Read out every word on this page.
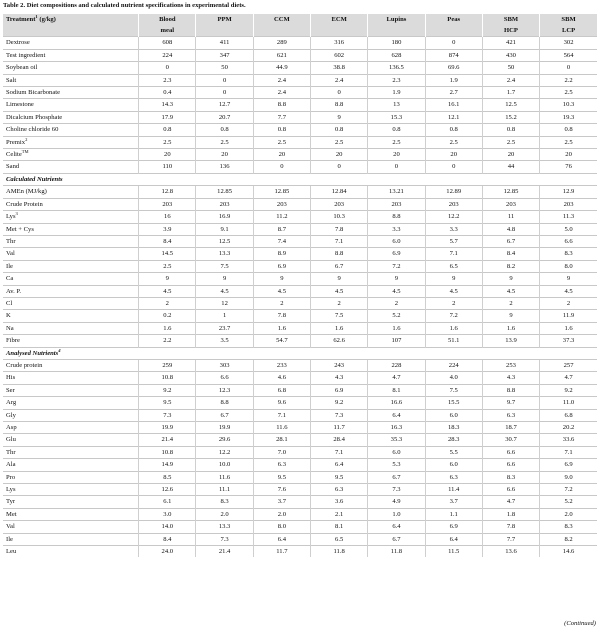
Table 2. Diet compositions and calculated nutrient specifications in experimental diets.
Treatment$^1$ (g/kg)	Blood	PPM	CCM	ECM	Lupins	Peas	SBM	SBM
	meal						HCP	LCP
Dextrose	608	411	289	316	180	0	421	302
Test ingredient	224	347	621	602	628	874	430	564
Soybean oil	0	50	44.9	38.8	136.5	69.6	50	0
Salt	2.3	0	2.4	2.4	2.3	1.9	2.4	2.2
Sodium Bicarbonate	0.4	0	2.4	0	1.9	2.7	1.7	2.5
Limestone	14.3	12.7	8.8	8.8	13	16.1	12.5	10.3
Dicalcium Phosphate	17.9	20.7	7.7	9	15.3	12.1	15.2	19.3
Choline chloride 60	0.8	0.8	0.8	0.8	0.8	0.8	0.8	0.8
Premix$^2$	2.5	2.5	2.5	2.5	2.5	2.5	2.5	2.5
Celite™	20	20	20	20	20	20	20	20
Sand	110	136	0	0	0	0	44	76
Calculated Nutrients								
AMEn (MJ/kg)	12.8	12.85	12.85	12.84	13.21	12.89	12.85	12.9
Crude Protein	203	203	203	203	203	203	203	203
Lys$^3$	16	16.9	11.2	10.3	8.8	12.2	11	11.3
Met + Cys	3.9	9.1	8.7	7.8	3.3	3.3	4.8	5.0
Thr	8.4	12.5	7.4	7.1	6.0	5.7	6.7	6.6
Val	14.5	13.3	8.9	8.8	6.9	7.1	8.4	8.3
Ile	2.5	7.5	6.9	6.7	7.2	6.5	8.2	8.0
Ca	9	9	9	9	9	9	9	9
Av. P.	4.5	4.5	4.5	4.5	4.5	4.5	4.5	4.5
Cl	2	12	2	2	2	2	2	2
K	0.2	1	7.8	7.5	5.2	7.2	9	11.9
Na	1.6	23.7	1.6	1.6	1.6	1.6	1.6	1.6
Fibre	2.2	3.5	54.7	62.6	107	51.1	13.9	37.3
Analysed Nutrients$^4$
Crude protein	259	303	233	243	228	224	253	257
His	10.8	6.6	4.6	4.3	4.7	4.0	4.3	4.7
Ser	9.2	12.3	6.8	6.9	8.1	7.5	8.8	9.2
Arg	9.5	8.8	9.6	9.2	16.6	15.5	9.7	11.0
Gly	7.3	6.7	7.1	7.3	6.4	6.0	6.3	6.8
Asp	19.9	19.9	11.6	11.7	16.3	18.3	18.7	20.2
Glu	21.4	29.6	28.1	28.4	35.3	28.3	30.7	33.6
Thr	10.8	12.2	7.0	7.1	6.0	5.5	6.6	7.1
Ala	14.9	10.0	6.3	6.4	5.3	6.0	6.6	6.9
Pro	8.5	11.6	9.5	9.5	6.7	6.3	8.3	9.0
Lys	12.6	11.1	7.6	6.3	7.3	11.4	6.6	7.2
Tyr	6.1	8.3	3.7	3.6	4.9	3.7	4.7	5.2
Met	3.0	2.0	2.0	2.1	1.0	1.1	1.8	2.0
Val	14.0	13.3	8.0	8.1	6.4	6.9	7.8	8.3
Ile	8.4	7.3	6.4	6.5	6.7	6.4	7.7	8.2
Leu	24.0	21.4	11.7	11.8	11.8	11.5	13.6	14.6
(Continued)
